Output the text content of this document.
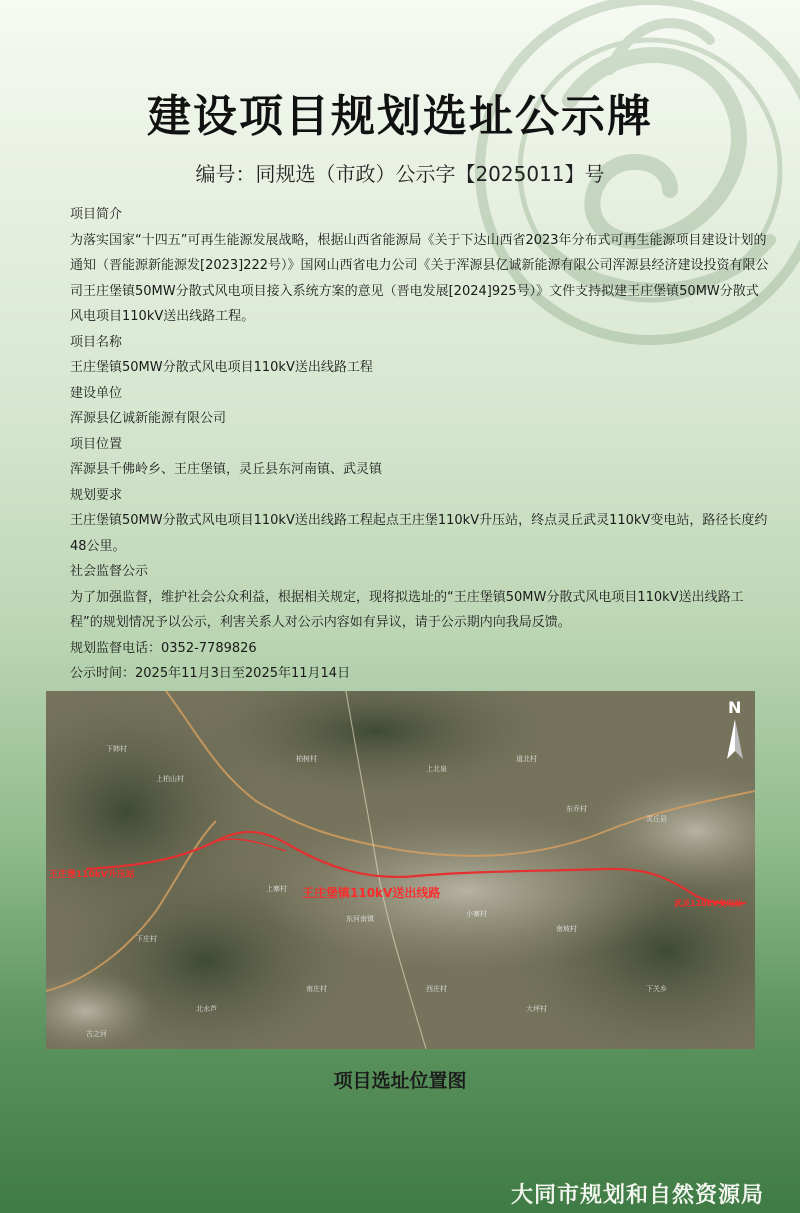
建设项目规划选址公示牌
编号：同规选（市政）公示字【2025011】号

项目简介

为落实国家“十四五”可再生能源发展战略，根据山西省能源局《关于下达山西省2023年分布式可再生能源项目建设计划的通知（晋能源新能源发[2023]222号）》国网山西省电力公司《关于浑源县亿诚新能源有限公司浑源县经济建设投资有限公司王庄堡镇50MW分散式风电项目接入系统方案的意见（晋电发展[2024]925号）》文件支持拟建王庄堡镇50MW分散式风电项目110kV送出线路工程。

项目名称

王庄堡镇50MW分散式风电项目110kV送出线路工程

建设单位

浑源县亿诚新能源有限公司

项目位置

浑源县千佛岭乡、王庄堡镇，灵丘县东河南镇、武灵镇

规划要求

王庄堡镇50MW分散式风电项目110kV送出线路工程起点王庄堡110kV升压站，终点灵丘武灵110kV变电站，路径长度约48公里。

社会监督公示

为了加强监督，维护社会公众利益，根据相关规定，现将拟选址的“王庄堡镇50MW分散式风电项目110kV送出线路工程”的规划情况予以公示，利害关系人对公示内容如有异议，请于公示期内向我局反馈。

规划监督电话：0352-7789826

公示时间：2025年11月3日至2025年11月14日

下韩村
上柏山村
柏树村
上北泉
道北村
东乔村
灵丘县
上寨村
东河南镇
小寨村
南坡村
下庄村
北水芦
南庄村	西庄村
大坪村
下关乡
古之河
王庄堡110kV升压站
王庄堡镇110kV送出线路
武灵110kV变电站
N
项目选址位置图
大同市规划和自然资源局
